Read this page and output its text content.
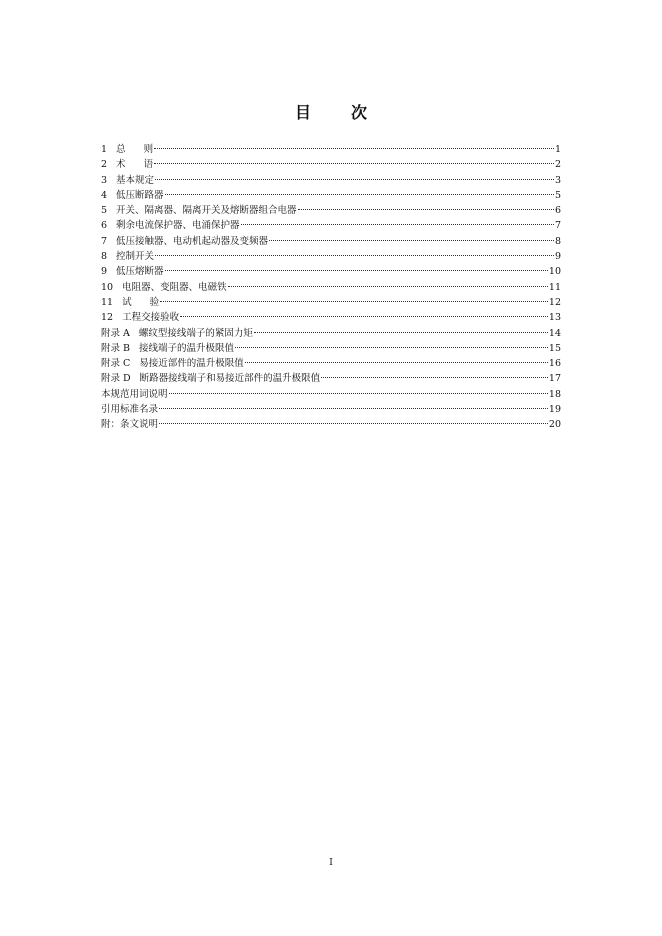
目	次
1 总 则	1
2 术 语	2
3 基本规定	3
4 低压断路器	5
5 开关、隔离器、隔离开关及熔断器组合电器	6
6 剩余电流保护器、电涌保护器	7
7 低压接触器、电动机起动器及变频器	8
8 控制开关	9
9 低压熔断器	10
10 电阻器、变阻器、电磁铁	11
11 试 验	12
12 工程交接验收	13
附录 A 螺纹型接线端子的紧固力矩	14
附录 B 接线端子的温升极限值	15
附录 C 易接近部件的温升极限值	16
附录 D 断路器接线端子和易接近部件的温升极限值	17
本规范用词说明	18
引用标准名录	19
附：条文说明	20
I
